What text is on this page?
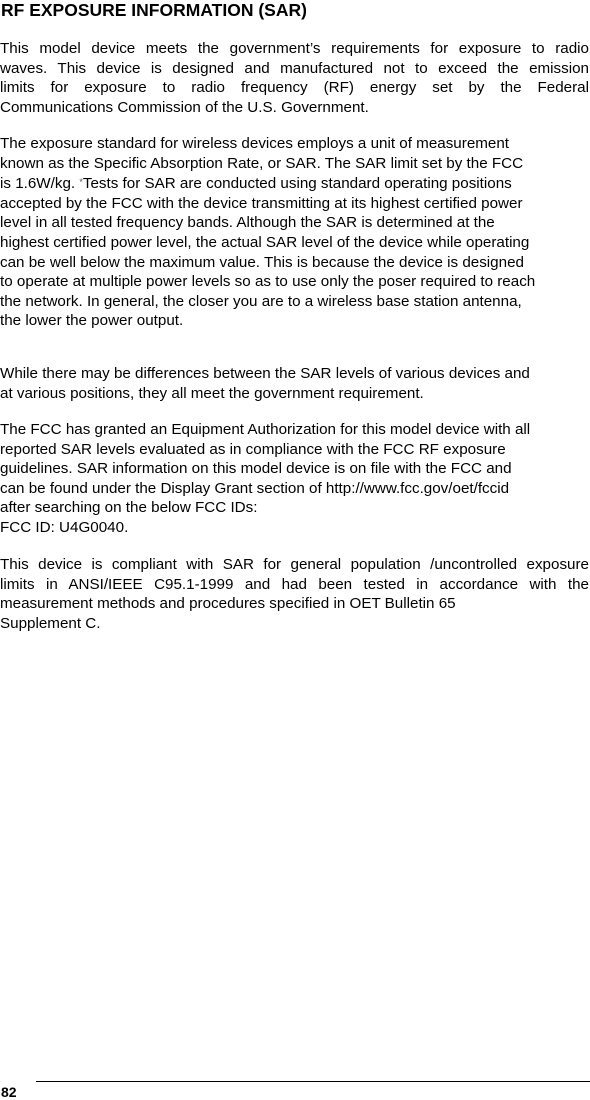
RF EXPOSURE INFORMATION (SAR)
This model device meets the government’s requirements for exposure to radio
waves. This device is designed and manufactured not to exceed the emission
limits for exposure to radio frequency (RF) energy set by the Federal
Communications Commission of the U.S. Government.
The exposure standard for wireless devices employs a unit of measurement
known as the Specific Absorption Rate, or SAR. The SAR limit set by the FCC
is 1.6W/kg. *Tests for SAR are conducted using standard operating positions
accepted by the FCC with the device transmitting at its highest certified power
level in all tested frequency bands. Although the SAR is determined at the
highest certified power level, the actual SAR level of the device while operating
can be well below the maximum value. This is because the device is designed
to operate at multiple power levels so as to use only the poser required to reach
the network. In general, the closer you are to a wireless base station antenna,
the lower the power output.
While there may be differences between the SAR levels of various devices and
at various positions, they all meet the government requirement.
The FCC has granted an Equipment Authorization for this model device with all
reported SAR levels evaluated as in compliance with the FCC RF exposure
guidelines. SAR information on this model device is on file with the FCC and
can be found under the Display Grant section of http://www.fcc.gov/oet/fccid
after searching on the below FCC IDs:
FCC ID: U4G0040.
This device is compliant with SAR for general population /uncontrolled exposure
limits in ANSI/IEEE C95.1-1999 and had been tested in accordance with the
measurement methods and procedures specified in OET Bulletin 65
Supplement C.
82
